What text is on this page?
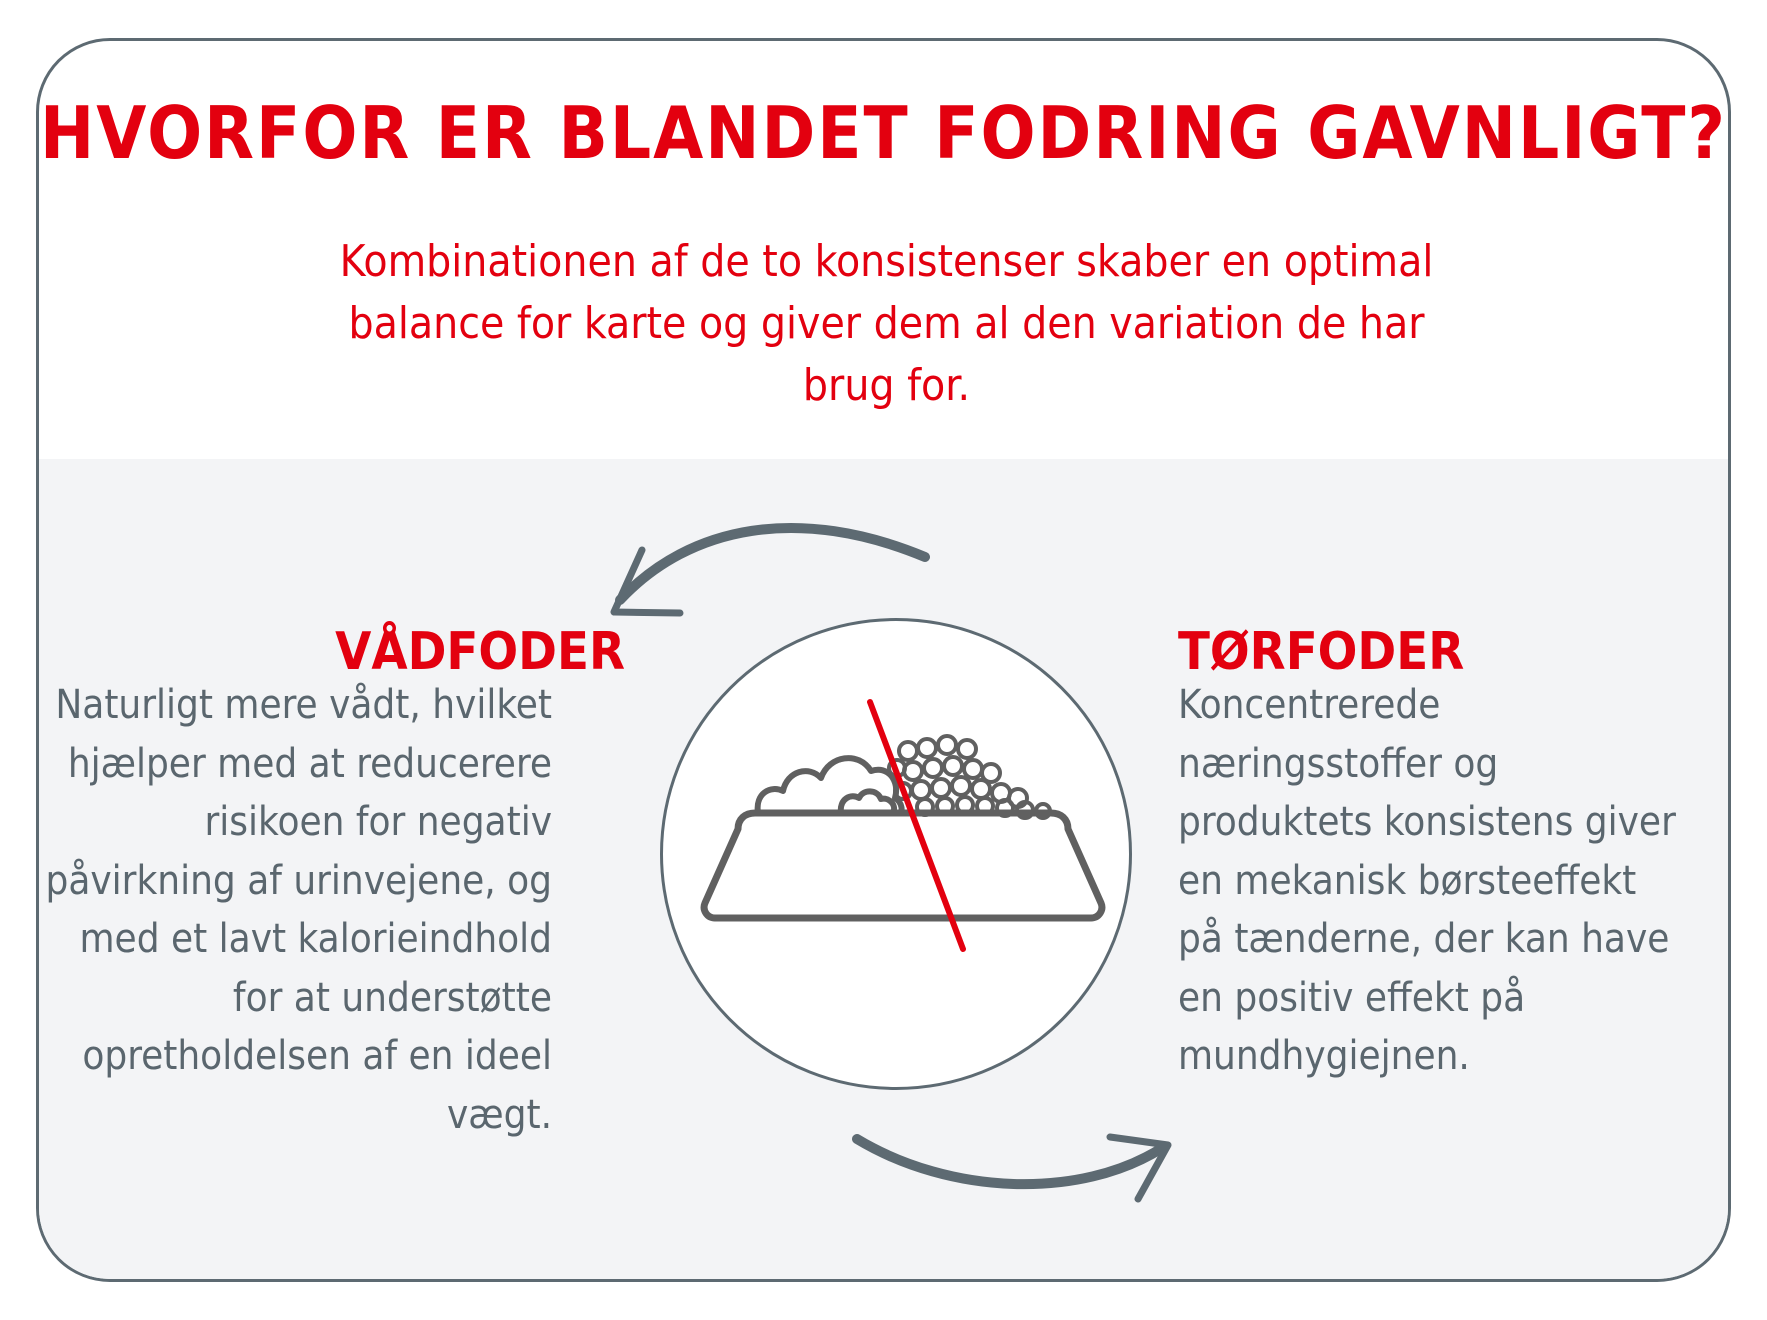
HVORFOR ER BLANDET FODRING GAVNLIGT?

Kombinationen af de to konsistenser skaber en optimal balance for karte og giver dem al den variation de har brug for.

VÅDFODER

Naturligt mere vådt, hvilket hjælper med at reducerere risikoen for negativ påvirkning af urinvejene, og med et lavt kalorieindhold for at understøtte opretholdelsen af en ideel vægt.

TØRFODER

Koncentrerede næringsstoffer og produktets konsistens giver en mekanisk børsteeffekt på tænderne, der kan have en positiv effekt på mundhygiejnen.
